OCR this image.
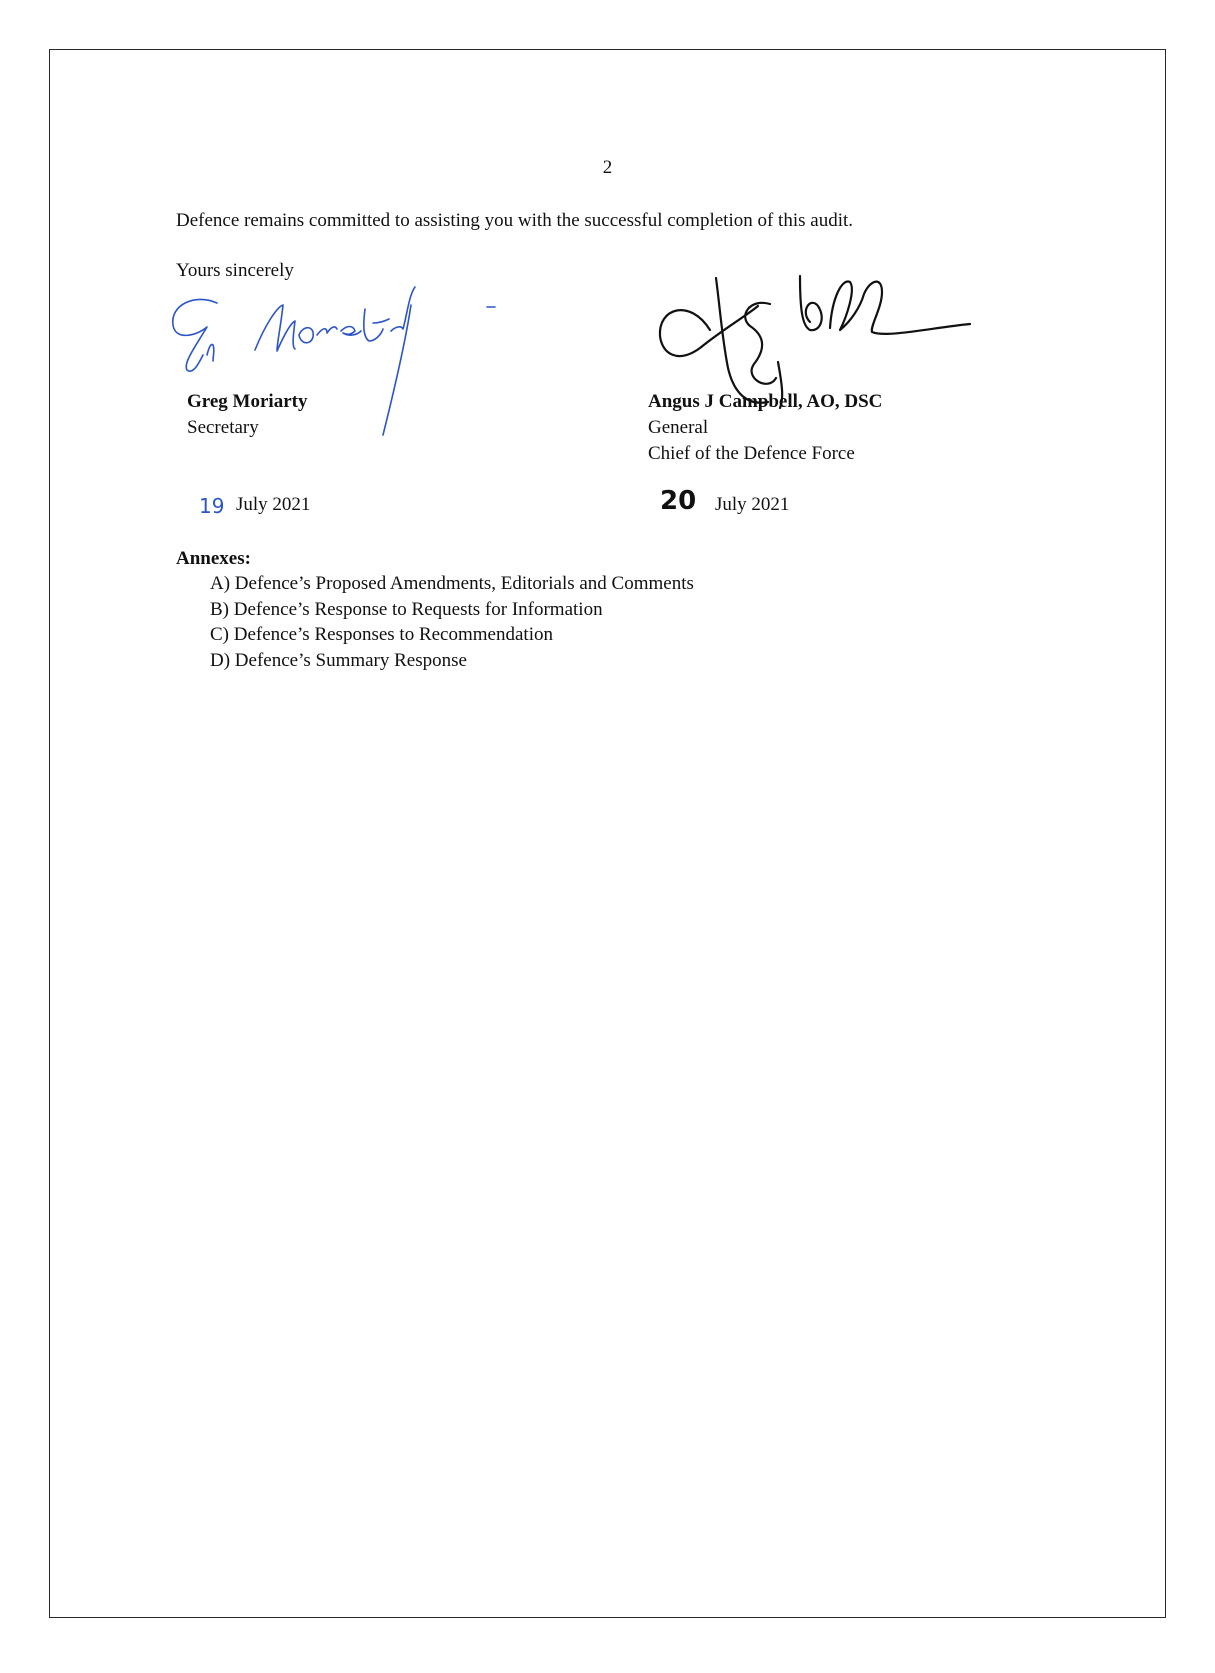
2
Defence remains committed to assisting you with the successful completion of this audit.
Yours sincerely
Greg Moriarty
Secretary
19 July 2021
Angus J Campbell, AO, DSC
General
Chief of the Defence Force
20 July 2021
Annexes:
A) Defence’s Proposed Amendments, Editorials and Comments
B) Defence’s Response to Requests for Information
C) Defence’s Responses to Recommendation
D) Defence’s Summary Response
